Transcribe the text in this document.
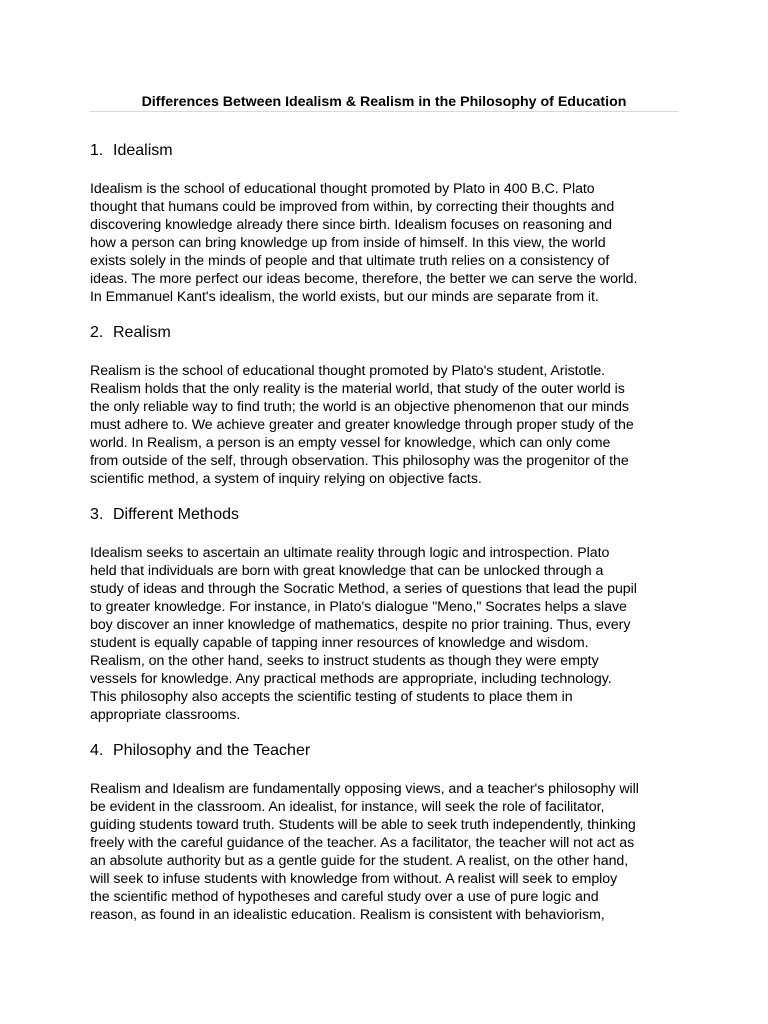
Differences Between Idealism & Realism in the Philosophy of Education
1. Idealism

Idealism is the school of educational thought promoted by Plato in 400 B.C. Plato
thought that humans could be improved from within, by correcting their thoughts and
discovering knowledge already there since birth. Idealism focuses on reasoning and
how a person can bring knowledge up from inside of himself. In this view, the world
exists solely in the minds of people and that ultimate truth relies on a consistency of
ideas. The more perfect our ideas become, therefore, the better we can serve the world.
In Emmanuel Kant's idealism, the world exists, but our minds are separate from it.

2. Realism

Realism is the school of educational thought promoted by Plato's student, Aristotle.
Realism holds that the only reality is the material world, that study of the outer world is
the only reliable way to find truth; the world is an objective phenomenon that our minds
must adhere to. We achieve greater and greater knowledge through proper study of the
world. In Realism, a person is an empty vessel for knowledge, which can only come
from outside of the self, through observation. This philosophy was the progenitor of the
scientific method, a system of inquiry relying on objective facts.

3. Different Methods

Idealism seeks to ascertain an ultimate reality through logic and introspection. Plato
held that individuals are born with great knowledge that can be unlocked through a
study of ideas and through the Socratic Method, a series of questions that lead the pupil
to greater knowledge. For instance, in Plato's dialogue "Meno," Socrates helps a slave
boy discover an inner knowledge of mathematics, despite no prior training. Thus, every
student is equally capable of tapping inner resources of knowledge and wisdom.
Realism, on the other hand, seeks to instruct students as though they were empty
vessels for knowledge. Any practical methods are appropriate, including technology.
This philosophy also accepts the scientific testing of students to place them in
appropriate classrooms.

4. Philosophy and the Teacher

Realism and Idealism are fundamentally opposing views, and a teacher's philosophy will
be evident in the classroom. An idealist, for instance, will seek the role of facilitator,
guiding students toward truth. Students will be able to seek truth independently, thinking
freely with the careful guidance of the teacher. As a facilitator, the teacher will not act as
an absolute authority but as a gentle guide for the student. A realist, on the other hand,
will seek to infuse students with knowledge from without. A realist will seek to employ
the scientific method of hypotheses and careful study over a use of pure logic and
reason, as found in an idealistic education. Realism is consistent with behaviorism,
